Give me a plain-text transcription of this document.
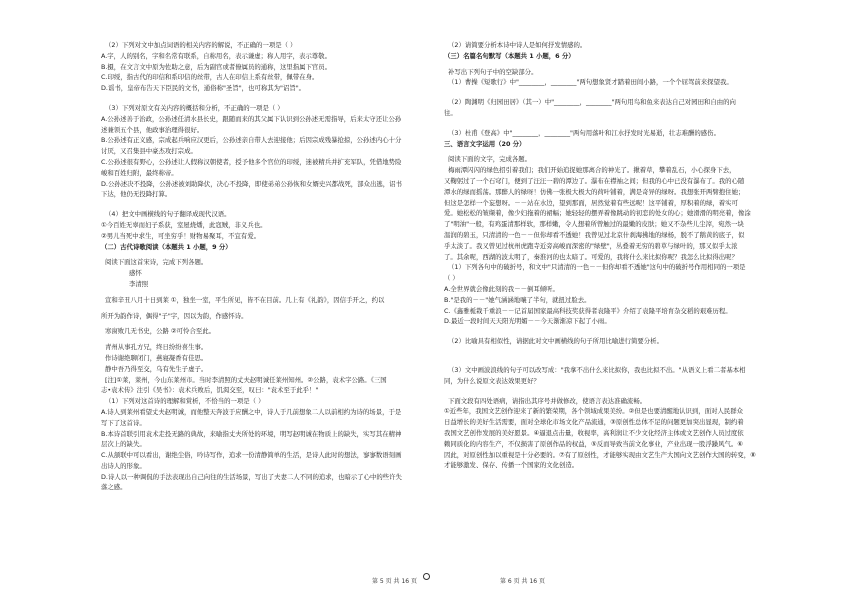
（2）下列对文中加点词语的相关内容的解说，不正确的一项是（ ）
A.字，人的别名，字和名常有联系，自称用名，表示谦虚；称人用字，表示尊敬。
B.摄，在文言文中原为佐助之意，后为副官或者僚属员的通称，这里指属下官员。
C.印绶，指古代的印信和系印信的丝带，古人在印信上系有丝带，佩带在身。
D.谣书，皇帝布告天下臣民的文书，通俗称"圣旨"，也可称其为"诏旨"。
（3）下列对原文有关内容的概括和分析，不正确的一项是（ ）
A.公孙述善于治政，公孙述任清水县长史，跟随而来的其父属下认识到公孙述无需指导，后来太守还让公孙
述兼领五个县，他政事治理得很好。
B.公孙述有正义感，宗成起兵响应汉更后，公孙述亲自带人去迎接他；后因宗成残暴抢掠，公孙述内心十分
讨厌，又召集县中豪杰攻打宗成。
C.公孙述很有野心，公孙述让人假称汉朝使者，授予他多个官位的印绶，迷被精兵并扩充军队，凭借地势险
峻和百姓归附，最终称帝。
D.公孙述决不投降，公孙述被刘助降伏，决心不投降，即使弟弟公孙恢和女婿史兴都战死，部众出逃，诏书
下达，他仍无投降打算。
（4）把文中画横线的句子翻译成现代汉语。
①今百姓无辜而妇子系获，室屋烧燔，此寇贼，非义兵也。
②男儿当死中求生，可坐穷乎！财物易聚耳，不宜有爱。
（二）古代诗歌阅读（本题共 1 小题，9 分）
阅读下面这首宋诗，完成下列各题。
感怀
李清照
宣和辛丑八月十日到莱 ①，独坐一室，平生所见，皆不在目前。几上有《礼韵》，因信手开之，约以
所开为韵作诗，偶得"子"字，因以为韵，作感怀诗。
寒窗败几无书史，公路 ②可怜合至此。
青州从事孔方兄，终日纷纷喜生事。
作诗谢绝聊闭门，燕寝凝香有佳思。
静中吾乃得至交，乌有先生子虚子。
[注]①莱，莱州，今山东莱州市。当时李清照的丈夫赵明诚任莱州知州。②公路，袁术字公路。《三国
志•袁术传》注引《吴书》：袁术兵败后，饥渴交至，叹曰："袁术至于此乎！"
（1）下列对这首诗的理解和赏析，不恰当的一项是（ ）
A.诗人到莱州看望丈夫赵明诚，而他整天奔波于应酬之中，诗人于几前想象二人以前相约为诗的场景，于是
写下了这首诗。
B.本诗首联引用袁术走投无路的典故，来喻指丈夫所处的环境，明写赵明诚在物质上的缺失，实写其在精神
层次上的缺失。
C.从颔联中可以看出，谢绝尘俗，吟诗写作，追求一份清静简单的生活，是诗人此时的想法，寥寥数语刻画
出诗人的形象。
D.诗人以一种调侃的手法表现出自己向往的生活场景，写出了夫妻二人不同的追求，也暗示了心中的些许失
落之感。
（2）请简要分析本诗中诗人是如何抒发情感的。
（三）名篇名句默写（本题共 1 小题，6 分）
补写出下列句子中的空缺部分。
（1）曹操《短歌行》中"________，________"两句想象贤才踏着田间小路，一个个屈驾前来探望我。
（2）陶渊明《归园田居》（其一）中"________，________"两句用鸟和鱼来表达自己对园田和自由的向
往。
（3）杜甫《登高》中"________，________"两句用落叶和江水抒发时光易逝，壮志难酬的感伤。
三、语言文字运用（20 分）
阅读下面的文字，完成各题。
梅雨潭闪闪的绿色招引着我们；我们开始追捉她那离合的神光了。揪着草，攀着乱石，小心探身下去，
又鞠躬过了一个石穹门，便到了汪汪一碧的潭边了。瀑布在襟袖之间；但我的心中已没有瀑布了。我的心随
潭水的绿而摇荡。那醉人的绿呀！仿佛一张极大极大的荷叶铺着，满是奇异的绿呀。我想张开两臂抱住她；
但这是怎样一个妄想呀。－－站在水边，望到那面，居然觉着有些远呢！这平铺着，厚积着的绿，着实可
爱。她松松的皱缬着，像少妇拖着的裙幅；她轻轻的摆弄着像跳动的初恋的处女的心；她滑滑的明亮着，像涂
了"明油"一般，有鸡蛋清那样软，那样嫩，令人想着所曾触过的最嫩的皮肤；她又不杂些儿尘滓，宛然一块
温润的碧玉，只清清的一色－－但你却看不透她！我曾见过北京什刹海拂地的绿杨，脱不了鹅黄的底子，似
乎太淡了。我又曾见过杭州虎跑寺近旁高峻而深密的"绿壁"，丛叠着无穷的碧草与绿叶的，那又似乎太浓
了。其余呢，西湖的波太明了，秦淮河的也太暗了。可爱的，我将什么来比拟你呢？我怎么比拟得出呢？
（1）下列各句中的破折号，和文中"只清清的一色－－但你却看不透她"这句中的破折号作用相同的一项是
（ ）
A.全世界就会像此刻的我－－倒耳倾听。
B."是我的－－"她气涵涵地嚷了半句，就扭过脸去。
C.《鑫雅栀栽千重浪－－记首届国家最高科技奖获得者袁隆平》介绍了袁隆平培育杂交稻的艰难历程。
D.最近一段时间天天阳光明媚－－今天渐渐凉下起了小雨。
（2）比喻具有相似性，请据此对文中画横线的句子所用比喻进行简要分析。
（3）文中画波浪线的句子可以改写成："我拿不出什么来比拟你，我也比拟不出。"从语义上看二者基本相
同，为什么说原文表达效果更好？
下面文段有四处语病，请指出其序号并做修改，使语言表达准确流畅。
①近些年，我国文艺创作迎来了新的繁荣期，各个领域成果美纷。②但是也要清醒地认识到，面对人民群众
日益增长的美好生活需要，面对全球化市场文化产品流通，③原创性总体不足的问题更加突出显现，制约着
我国文艺创作发展的美好愿景。④逼退点击量，收视率，高利润让不少文化经济主体或文艺创作人员过度依
赖同质化的内容生产，不仅损害了原创作品的权益，⑤反而导致当前文化事业，产业出现一股浮躁风气。⑥
因此，对原创性加以重视是十分必要的。⑦有了原创性，才能够实现由文艺生产大国向文艺创作大国的转变，⑧
才能够激发、保存、传播一个国家的文化创造。
第 5 页 共 16 页	第 6 页 共 16 页
